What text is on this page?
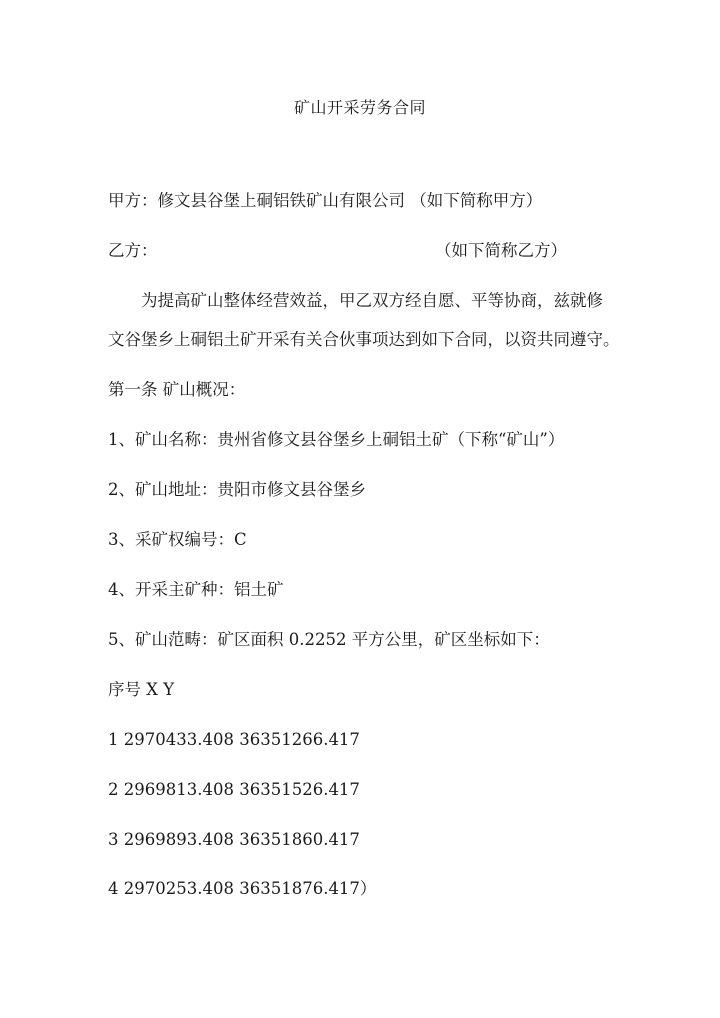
矿山开采劳务合同
甲方：修文县谷堡上硐铝铁矿山有限公司 （如下简称甲方）
乙方：	（如下简称乙方）
为提高矿山整体经营效益，甲乙双方经自愿、平等协商，兹就修
文谷堡乡上硐铝土矿开采有关合伙事项达到如下合同，以资共同遵守。
第一条 矿山概况：
1、矿山名称：贵州省修文县谷堡乡上硐铝土矿（下称“矿山”）
2、矿山地址：贵阳市修文县谷堡乡
3、采矿权编号：C
4、开采主矿种：铝土矿
5、矿山范畴：矿区面积 0.2252 平方公里，矿区坐标如下：
序号 X Y
1 2970433.408 36351266.417
2 2969813.408 36351526.417
3 2969893.408 36351860.417
4 2970253.408 36351876.417）
